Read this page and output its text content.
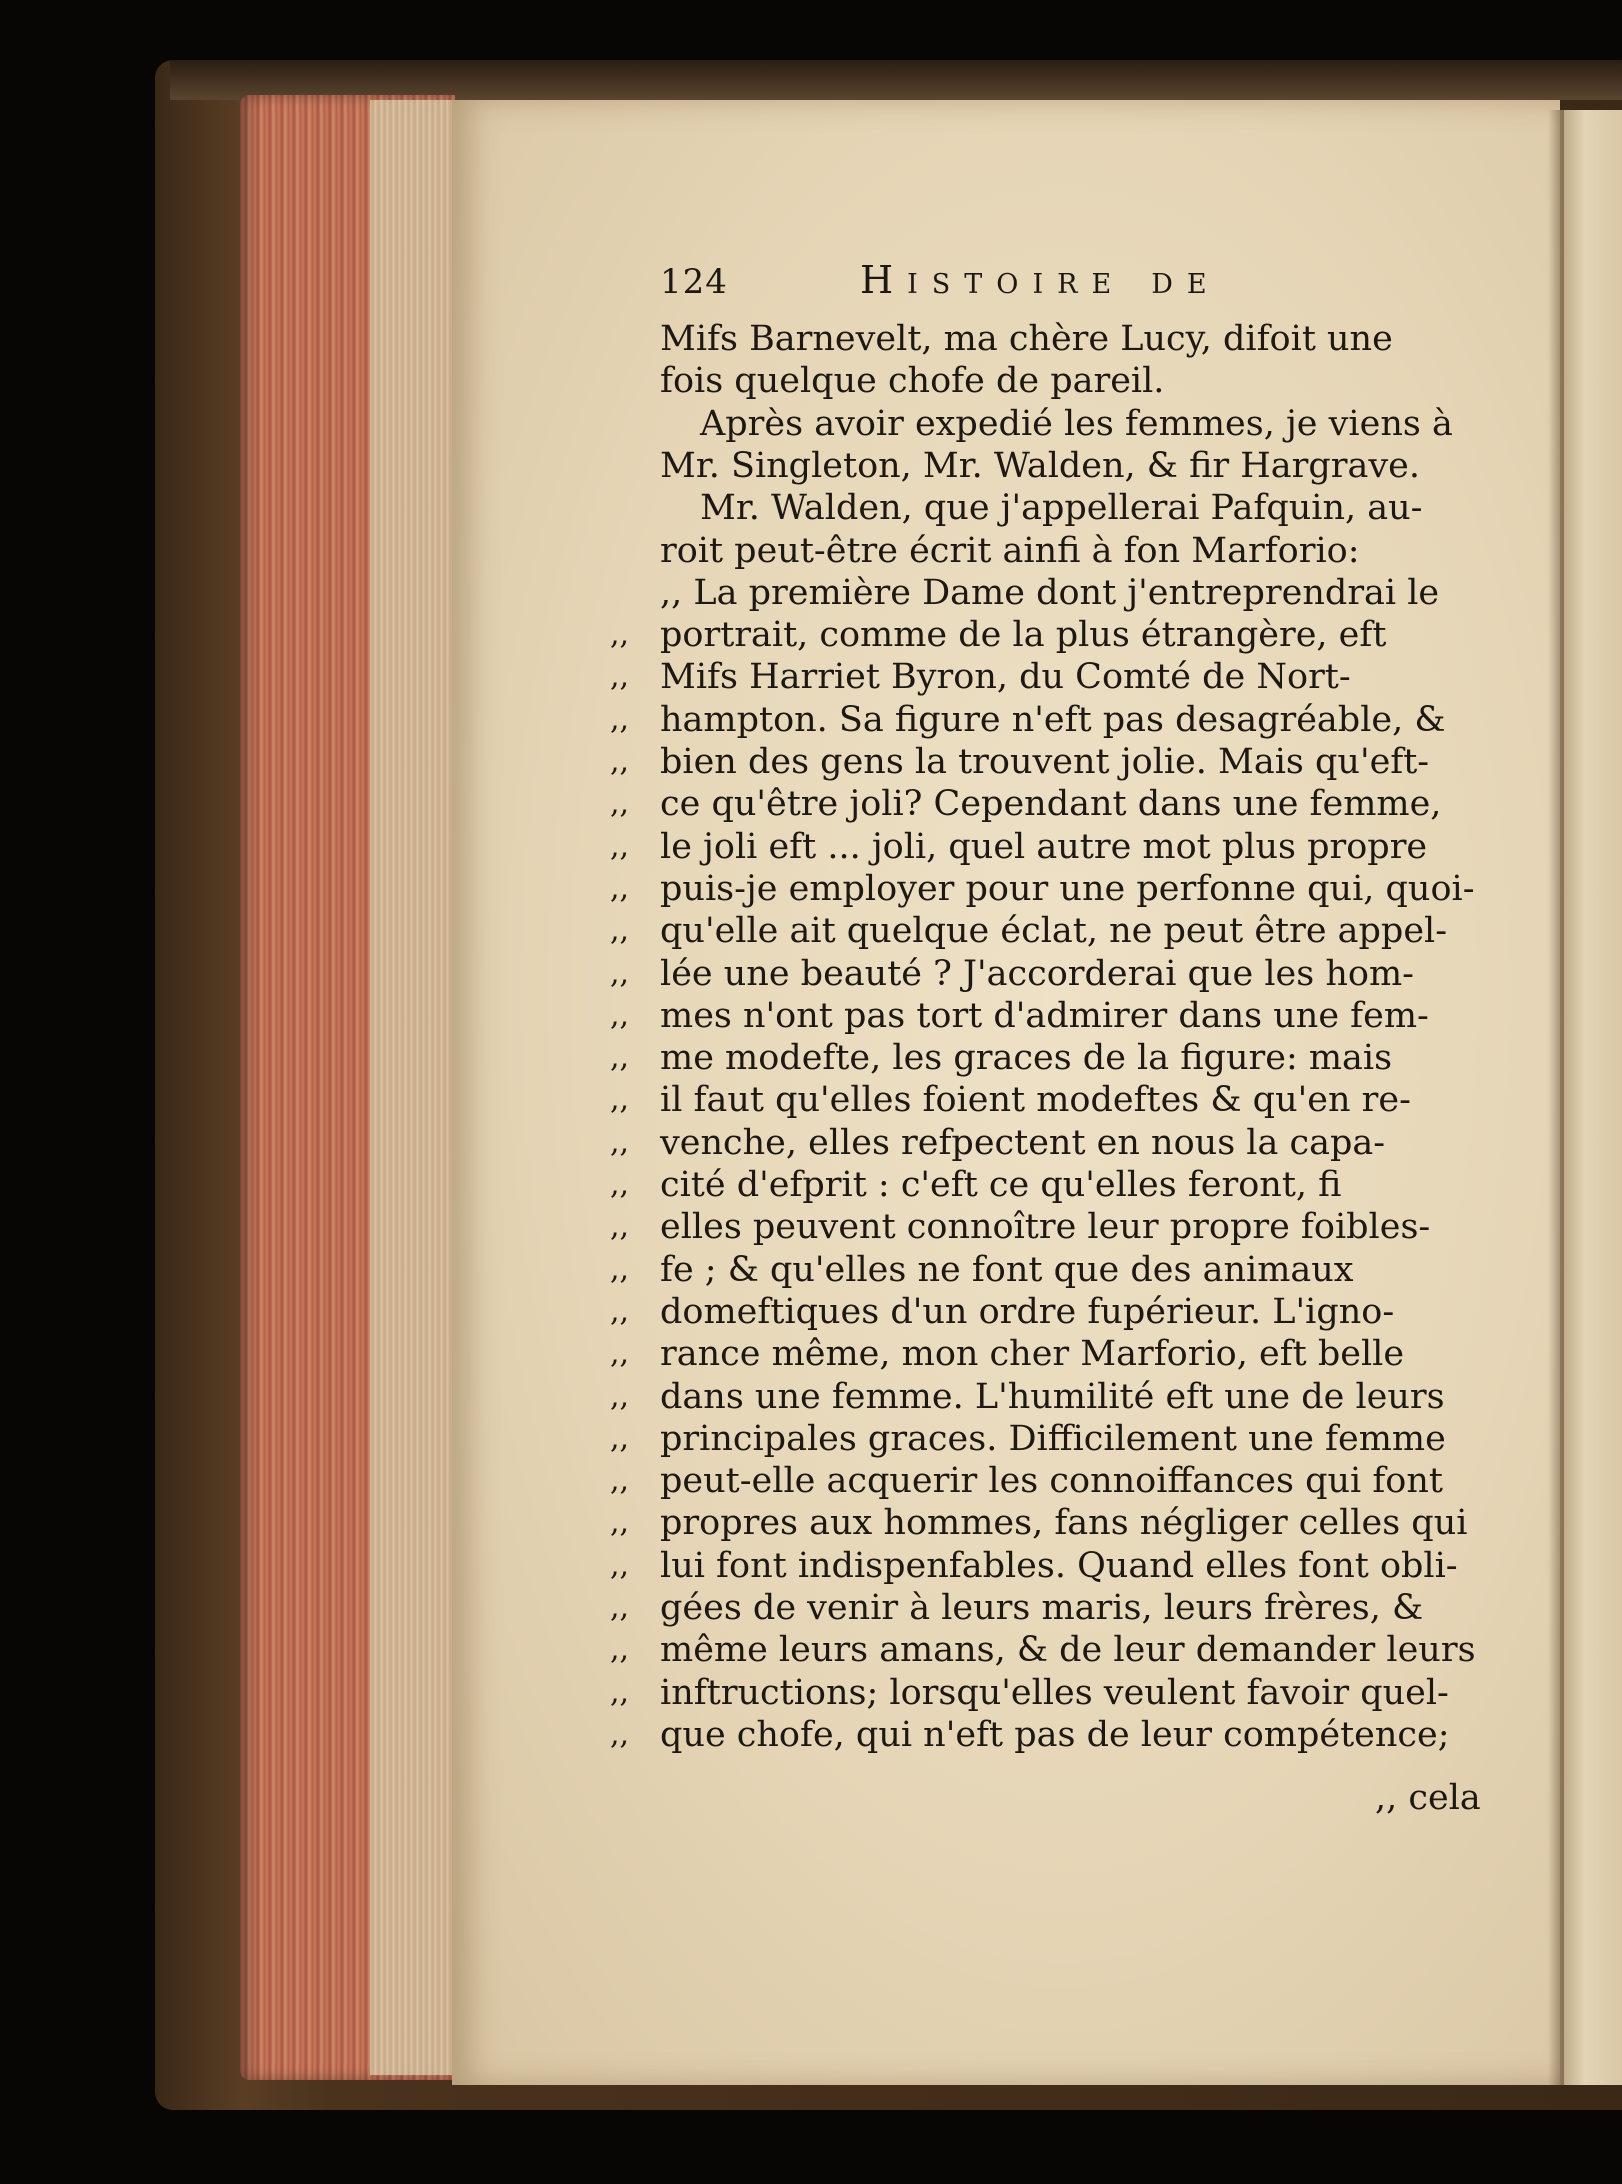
124	Histoire de
Mifs Barnevelt, ma chère Lucy, difoit une
fois quelque chofe de pareil.
Après avoir expedié les femmes, je viens à
Mr. Singleton, Mr. Walden, & fir Hargrave.
Mr. Walden, que j'appellerai Pafquin, au-
roit peut-être écrit ainfi à fon Marforio:
,, La première Dame dont j'entreprendrai le
,, portrait, comme de la plus étrangère, eft
,, Mifs Harriet Byron, du Comté de Nort-
,, hampton. Sa figure n'eft pas desagréable, &
,, bien des gens la trouvent jolie. Mais qu'eft-
,, ce qu'être joli? Cependant dans une femme,
,, le joli eft ... joli, quel autre mot plus propre
,, puis-je employer pour une perfonne qui, quoi-
,, qu'elle ait quelque éclat, ne peut être appel-
,, lée une beauté ? J'accorderai que les hom-
,, mes n'ont pas tort d'admirer dans une fem-
,, me modefte, les graces de la figure: mais
,, il faut qu'elles foient modeftes & qu'en re-
,, venche, elles refpectent en nous la capa-
,, cité d'efprit : c'eft ce qu'elles feront, fi
,, elles peuvent connoître leur propre foibles-
,, fe ; & qu'elles ne font que des animaux
,, domeftiques d'un ordre fupérieur. L'igno-
,, rance même, mon cher Marforio, eft belle
,, dans une femme. L'humilité eft une de leurs
,, principales graces. Difficilement une femme
,, peut-elle acquerir les connoiffances qui font
,, propres aux hommes, fans négliger celles qui
,, lui font indispenfables. Quand elles font obli-
,, gées de venir à leurs maris, leurs frères, &
,, même leurs amans, & de leur demander leurs
,, inftructions; lorsqu'elles veulent favoir quel-
,, que chofe, qui n'eft pas de leur compétence;
,, cela
